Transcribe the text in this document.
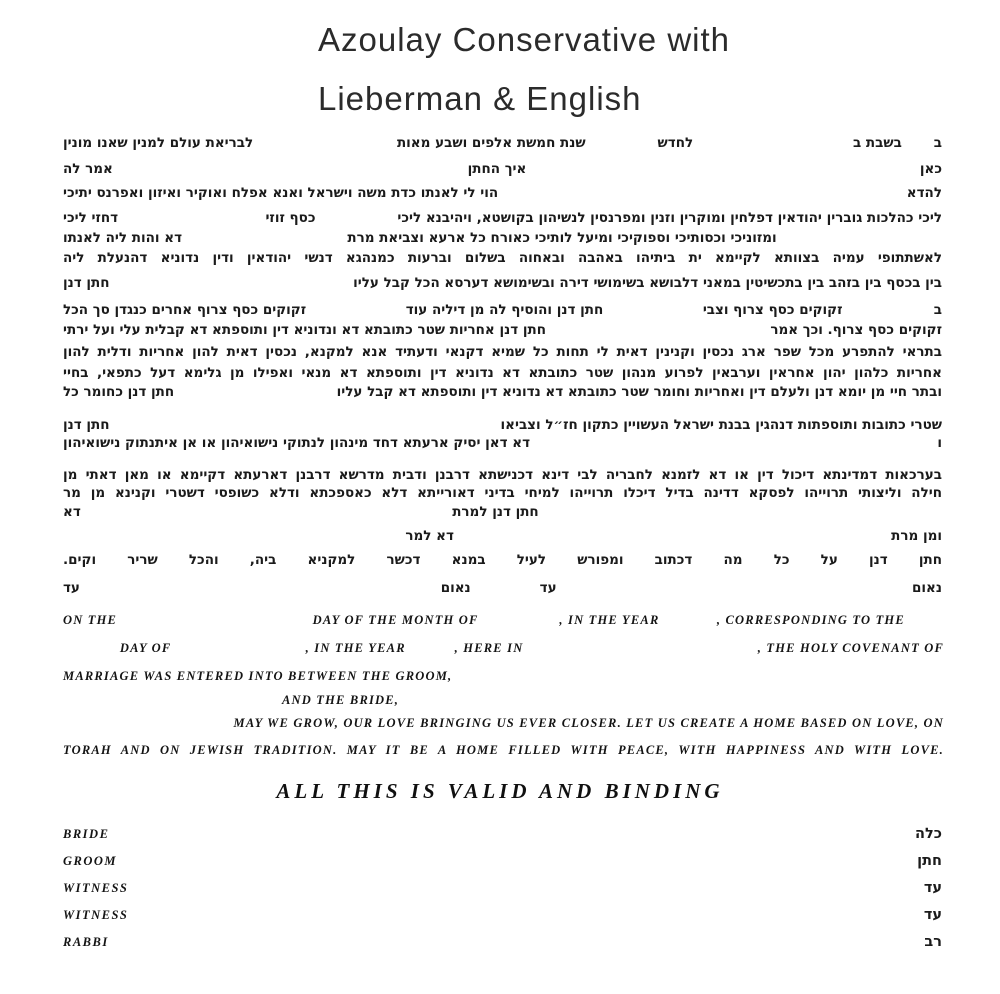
Azoulay Conservative with
Lieberman & English
ב
בשבת ב
לחדש
שנת חמשת אלפים ושבע מאות
לבריאת עולם למנין שאנו מונין
כאן
איך החתן
אמר לה
להדא
הוי לי לאנתו כדת משה וישראל ואנא אפלח ואוקיר ואיזון ואפרנס יתיכי
ליכי כהלכות גוברין יהודאין דפלחין ומוקרין וזנין ומפרנסין לנשיהון בקושטא, ויהיבנא ליכי
כסף זוזי
דחזי ליכי
ומזוניכי וכסותיכי וספוקיכי ומיעל לותיכי כאורח כל ארעא וצביאת מרת
דא והות ליה לאנתו
לאשתתופי עמיה בצוותא לקיימא ית ביתיהו באהבה ובאחוה בשלום וברעות כמנהגא דנשי יהודאין ודין נדוניא דהנעלת ליה
בין בכסף בין בזהב בין בתכשיטין במאני דלבושא בשימושי דירה ובשימושא דערסא הכל קבל עליו
חתן דנן
ב
זקוקים כסף צרוף וצבי
חתן דנן והוסיף לה מן דיליה עוד
זקוקים כסף צרוף אחרים כנגדן סך הכל
זקוקים כסף צרוף. וכך אמר
חתן דנן אחריות שטר כתובתא דא ונדוניא דין ותוספתא דא קבלית עלי ועל ירתי
בתראי להתפרע מכל שפר ארג נכסין וקנינין דאית לי תחות כל שמיא דקנאי ודעתיד אנא למקנא, נכסין דאית להון אחריות ודלית להון
אחריות כלהון יהון אחראין וערבאין לפרוע מנהון שטר כתובתא דא נדוניא דין ותוספתא דא מנאי ואפילו מן גלימא דעל כתפאי, בחיי
ובתר חיי מן יומא דנן ולעלם דין ואחריות וחומר שטר כתובתא דא נדוניא דין ותוספתא דא קבל עליו
חתן דנן כחומר כל
שטרי כתובות ותוספתות דנהגין בבנת ישראל העשויין כתקון חז״ל וצביאו
חתן דנן
ו
דא דאן יסיק ארעתא דחד מינהון לנתוקי נישואיהון או אן איתנתוק נישואיהון
בערכאות דמדינתא דיכול דין או דא לזמנא לחבריה לבי דינא דכנישתא דרבנן ודבית מדרשא דרבנן דארעתא דקיימא או מאן דאתי מן
חילה וליצותי תרוייהו לפסקא דדינה בדיל דיכלו תרוייהו למיחי בדיני דאורייתא דלא כאספכתא ודלא כשופסי דשטרי וקנינא מן מר
חתן דנן למרת
דא
ומן מרת
דא למר
חתן דנן על כל מה דכתוב ומפורש לעיל במנא דכשר למקניא ביה, והכל שריר וקים.
נאום
עד
נאום
עד
ON THE	DAY OF THE MONTH OF	, IN THE YEAR	, CORRESPONDING TO THE
DAY OF	, IN THE YEAR	, HERE IN	, THE HOLY COVENANT OF
MARRIAGE WAS ENTERED INTO BETWEEN THE GROOM,
AND THE BRIDE,
MAY WE GROW, OUR LOVE BRINGING US EVER CLOSER. LET US CREATE A HOME BASED ON LOVE, ON
TORAH AND ON JEWISH TRADITION. MAY IT BE A HOME FILLED WITH PEACE, WITH HAPPINESS AND WITH LOVE.
ALL THIS IS VALID AND BINDING
BRIDE	כלה
GROOM	חתן
WITNESS	עד
WITNESS	עד
RABBI	רב
